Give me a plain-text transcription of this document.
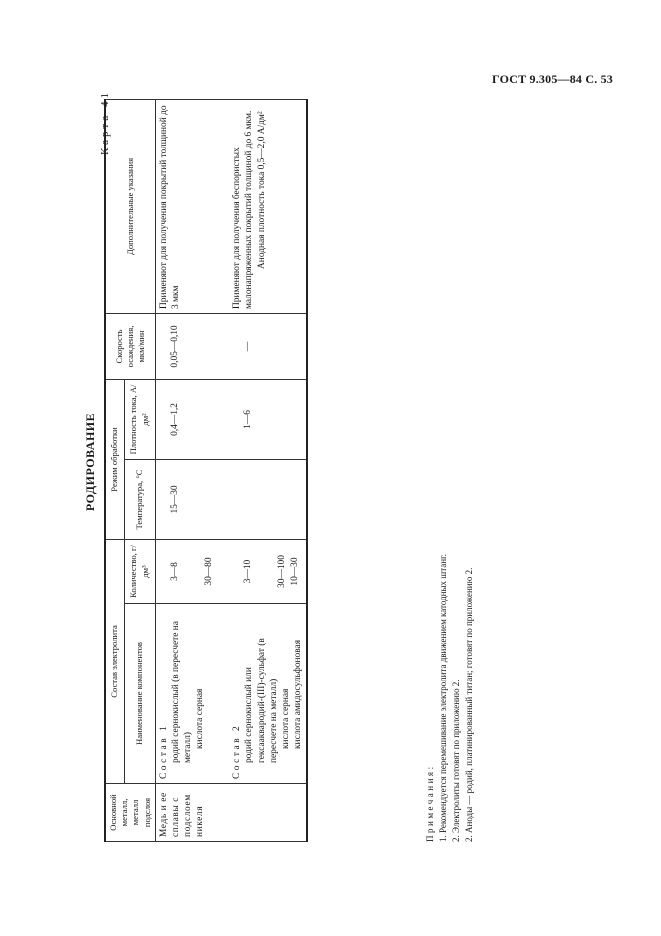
ГОСТ 9.305—84 С. 53
РОДИРОВАНИЕ
Карта 41
Основной металл, металл подслоя	Состав электролита		Режим обработки		Скорость осаждения, мкм/мин	Дополнительные указания
	Наименование компонентов	Количество, г/дм³	Температура, °С	Плотность тока, А/дм²		
Медь и ее сплавы с подслоем никеля	Состав 1 родий сернокислый (в пересчете на металл) кислота серная	3—8 30—80	15—30	0,4—1,2	0,05—0,10	Применяют для получения покрытий толщиной до 3 мкм

	Состав 2 родий сернокислый или гексааквародий-(III)-сульфат (в пересчете на металл) кислота серная кислота амидосульфоновая	3—10 30—100 10—30		1—6	—	Применяют для получения беспористых малонапряженных покрытий толщиной до 6 мкм. Анодная плотность тока 0,5—2,0 А/дм²
Примечания: 1. Рекомендуется перемешивание электролита движением катодных штанг. 2. Электролиты готовят по приложению 2. 2. Аноды — родий, платинированный титан; готовят по приложению 2.
